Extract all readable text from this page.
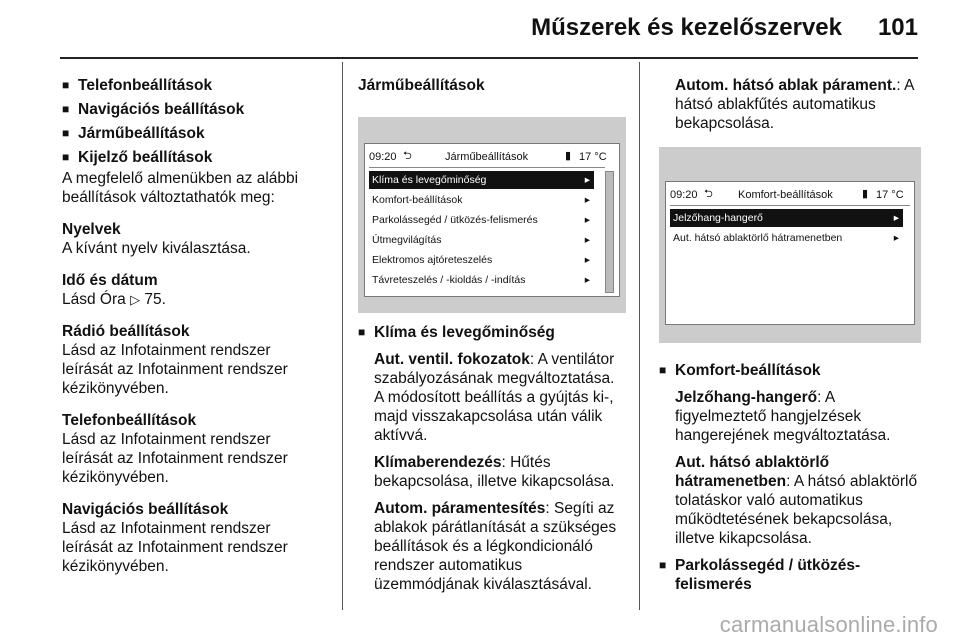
Műszerek és kezelőszervek 101
■ Telefonbeállítások
■ Navigációs beállítások
■ Járműbeállítások
■ Kijelző beállítások
A megfelelő almenükben az alábbi beállítások változtathatók meg:
Nyelvek
A kívánt nyelv kiválasztása.
Idő és dátum
Lásd Óra ▷ 75.
Rádió beállítások
Lásd az Infotainment rendszer leírását az Infotainment rendszer kézikönyvében.
Telefonbeállítások
Lásd az Infotainment rendszer leírását az Infotainment rendszer kézikönyvében.
Navigációs beállítások
Lásd az Infotainment rendszer leírását az Infotainment rendszer kézikönyvében.
Járműbeállítások
09:20 ⮌	Járműbeállítások	▮ 17 °C
Klíma és levegőminőség	▸
Komfort-beállítások	▸
Parkolássegéd / ütközés-felismerés	▸
Útmegvilágítás	▸
Elektromos ajtóreteszelés	▸
Távreteszelés / -kioldás / -indítás	▸
■ Klíma és levegőminőség
Aut. ventil. fokozatok: A ventilátor szabályozásának megváltoztatása. A módosított beállítás a gyújtás ki-, majd visszakapcsolása után válik aktívvá.
Klímaberendezés: Hűtés bekapcsolása, illetve kikapcsolása.
Autom. páramentesítés: Segíti az ablakok párátlanítását a szükséges beállítások és a légkondicionáló rendszer automatikus üzemmódjának kiválasztásával.
Autom. hátsó ablak párament.: A hátsó ablakfűtés automatikus bekapcsolása.
09:20 ⮌ Komfort-beállítások	▮ 17 °C
Jelzőhang-hangerő	▸
Aut. hátsó ablaktörlő hátramenetben	▸
■ Komfort-beállítások
Jelzőhang-hangerő: A figyelmeztető hangjelzések hangerejének megváltoztatása.
Aut. hátsó ablaktörlő hátramenetben: A hátsó ablaktörlő tolatáskor való automatikus működtetésének bekapcsolása, illetve kikapcsolása.
■ Parkolássegéd / ütközés-felismerés
carmanualsonline.info
